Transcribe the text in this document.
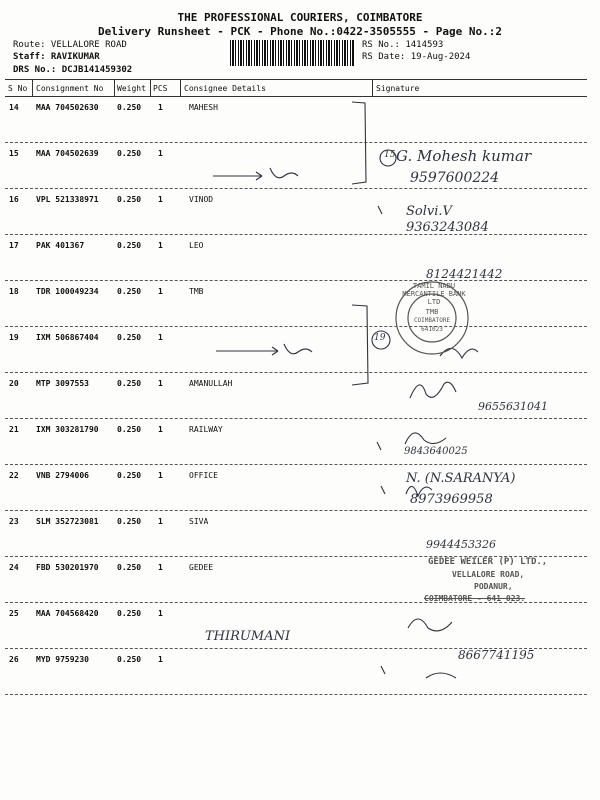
THE PROFESSIONAL COURIERS, COIMBATORE
Delivery Runsheet - PCK - Phone No.:0422-3505555 - Page No.:2
Route: VELLALORE ROAD
Staff: RAVIKUMAR
DRS No.: DCJB141459302
RS No.: 1414593
RS Date: 19-Aug-2024
S No Consignment No Weight PCS Consignee Details	Signature
14 MAA 704502630 0.250 1	MAHESH
15 MAA 704502639 0.250 1
16 VPL 521338971 0.250 1	VINOD
17 PAK 401367	0.250 1	LEO
18 TDR 100049234 0.250 1	TMB
19 IXM 506867404 0.250 1
20 MTP 3097553	0.250 1	AMANULLAH
21 IXM 303281790 0.250 1	RAILWAY
22 VNB 2794006	0.250 1	OFFICE
23 SLM 352723081 0.250 1	SIVA
24 FBD 530201970 0.250 1	GEDEE
25 MAA 704568420 0.250 1
26 MYD 9759230	0.250 1
G. Mohesh kumar
9597600224
Solvi.V
9363243084
8124421442
9655631041
9843640025
N. (N.SARANYA)
8973969958
9944453326
THIRUMANI
8667741195
15
19
TAMIL NADU MERCANTILE BANK LTD
TMB
COIMBATORE
641023
GEDEE WEILER (P) LTD.,
VELLALORE ROAD,
PODANUR,
COIMBATORE - 641 023.
